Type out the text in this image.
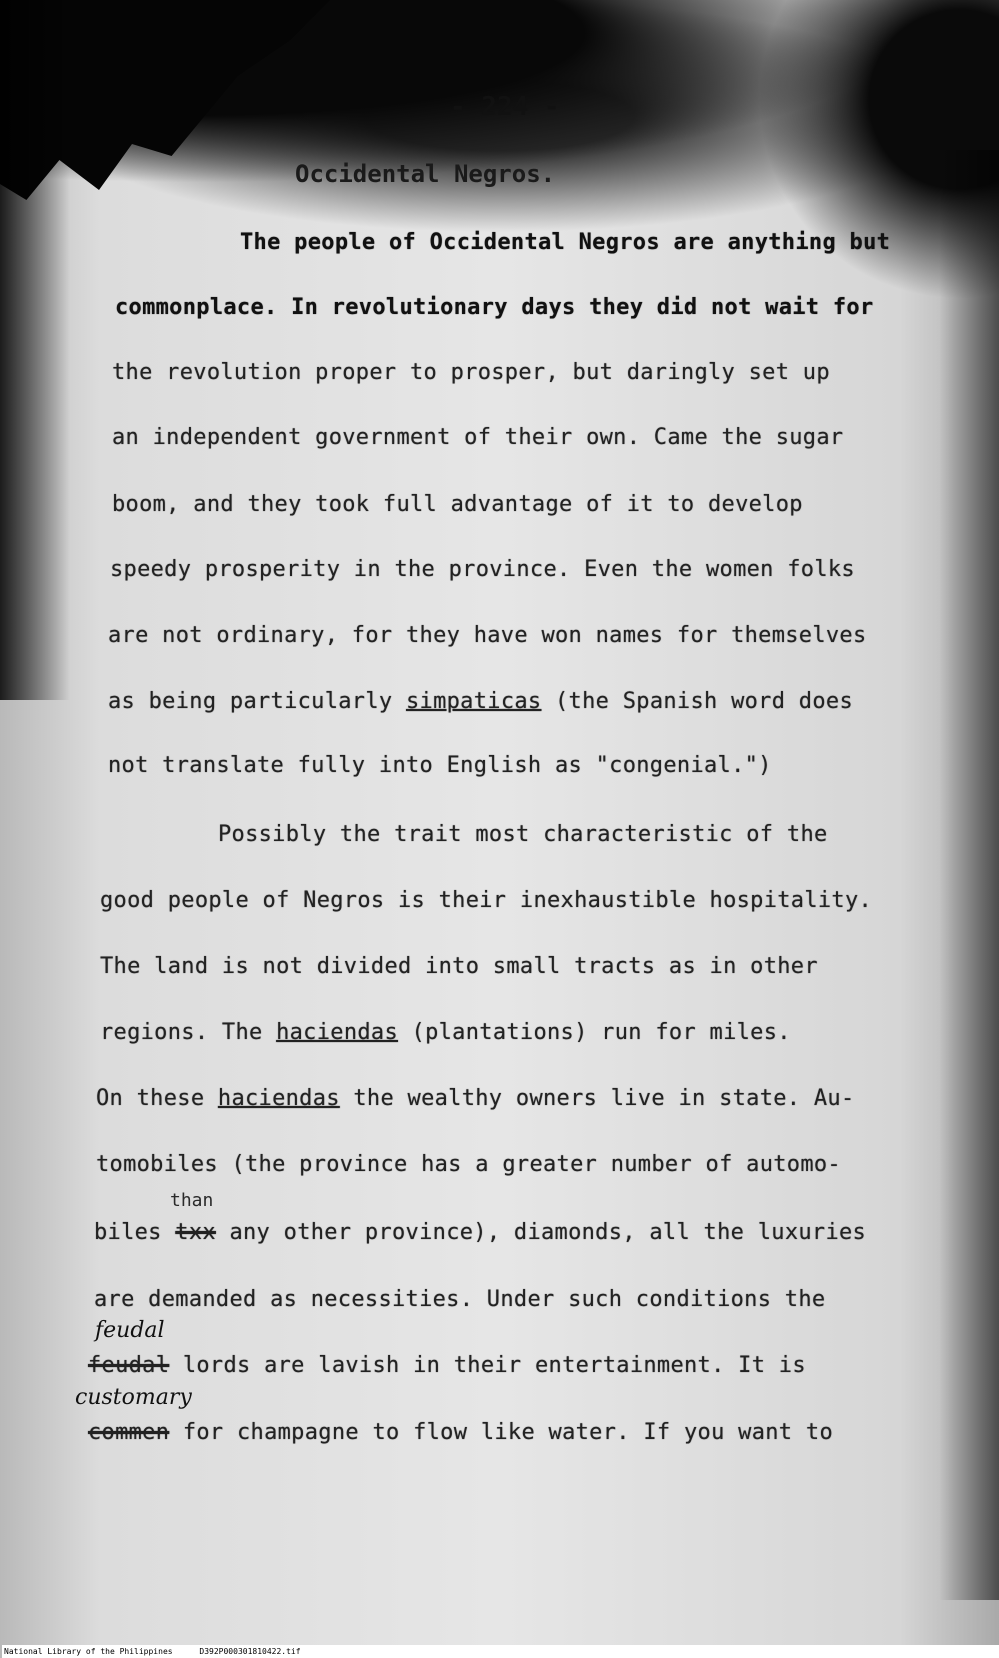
- 224 -
Occidental Negros.
The people of Occidental Negros are anything but
commonplace. In revolutionary days they did not wait for
the revolution proper to prosper, but daringly set up
an independent government of their own. Came the sugar
boom, and they took full advantage of it to develop
speedy prosperity in the province. Even the women folks
are not ordinary, for they have won names for themselves
as being particularly simpaticas (the Spanish word does
not translate fully into English as "congenial.")
Possibly the trait most characteristic of the
good people of Negros is their inexhaustible hospitality.
The land is not divided into small tracts as in other
regions. The haciendas (plantations) run for miles.
On these haciendas the wealthy owners live in state. Au-
tomobiles (the province has a greater number of automo-
than
biles txx any other province), diamonds, all the luxuries
are demanded as necessities. Under such conditions the
feudal
feudal lords are lavish in their entertainment. It is
customary
commen for champagne to flow like water. If you want to
National Library of the Philippines	D392P000301810422.tif
